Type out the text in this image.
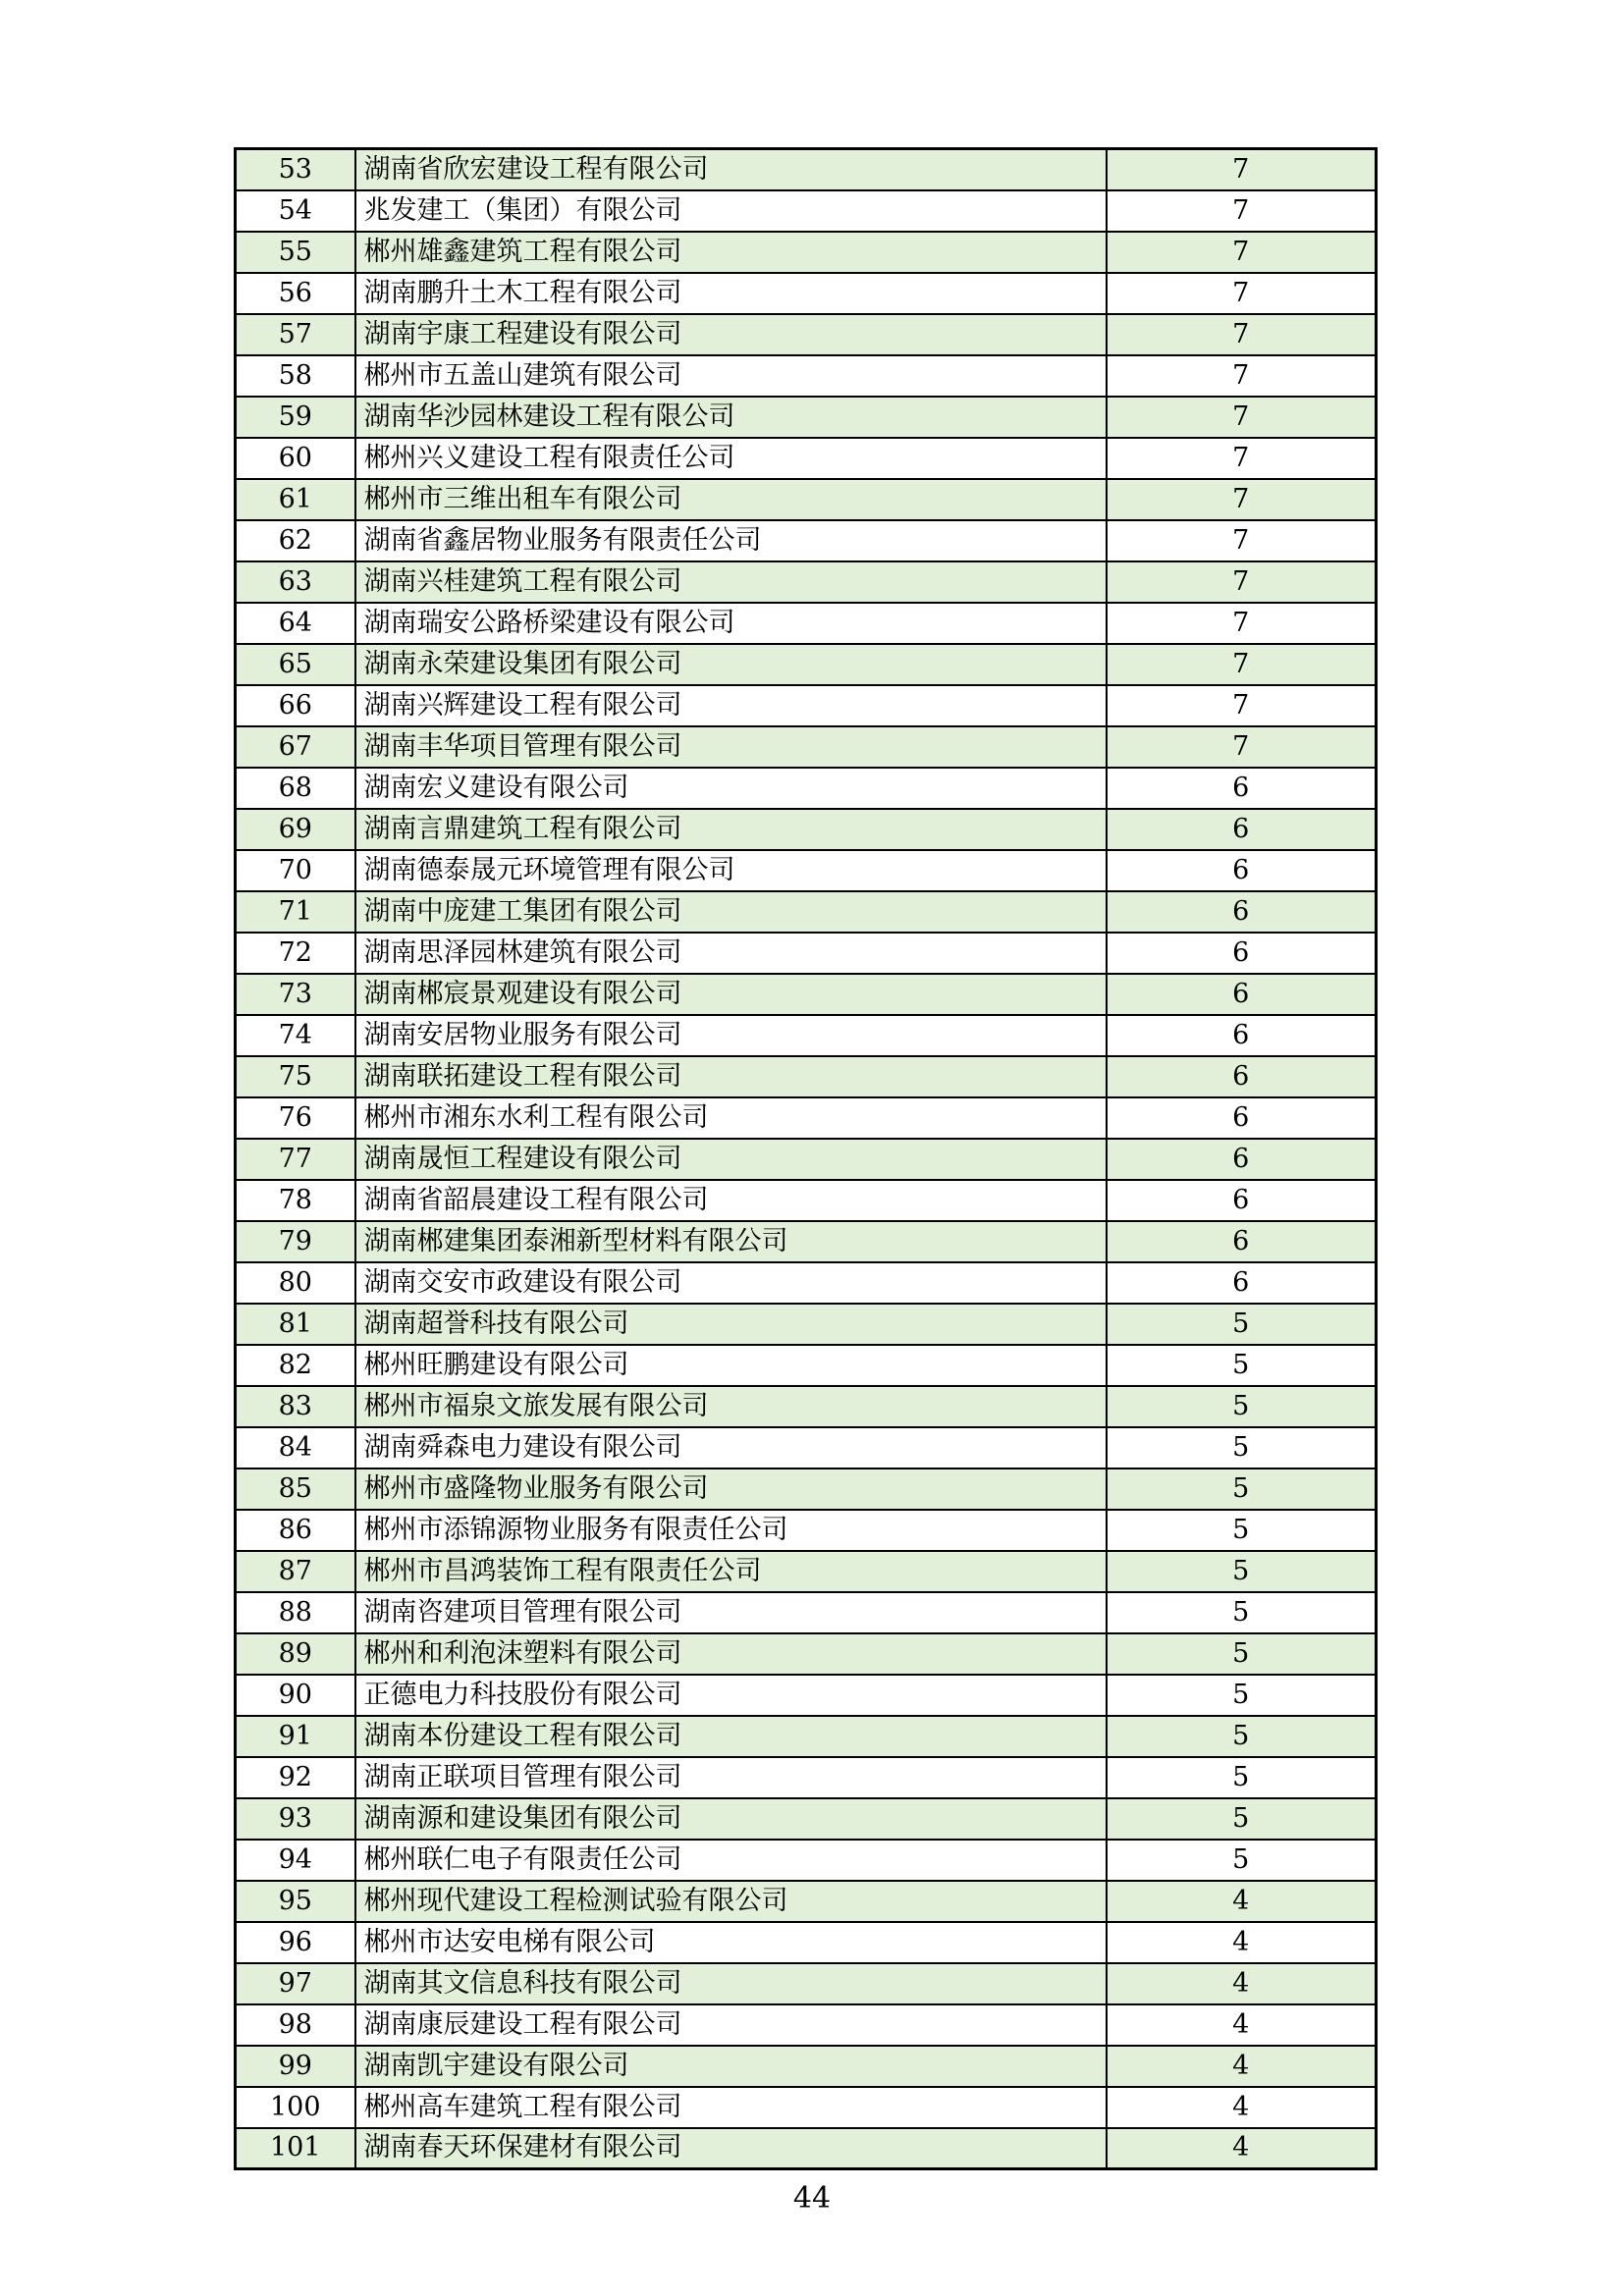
53	湖南省欣宏建设工程有限公司	7
54	兆发建工（集团）有限公司	7
55	郴州雄鑫建筑工程有限公司	7
56	湖南鹏升土木工程有限公司	7
57	湖南宇康工程建设有限公司	7
58	郴州市五盖山建筑有限公司	7
59	湖南华沙园林建设工程有限公司	7
60	郴州兴义建设工程有限责任公司	7
61	郴州市三维出租车有限公司	7
62	湖南省鑫居物业服务有限责任公司	7
63	湖南兴桂建筑工程有限公司	7
64	湖南瑞安公路桥梁建设有限公司	7
65	湖南永荣建设集团有限公司	7
66	湖南兴辉建设工程有限公司	7
67	湖南丰华项目管理有限公司	7
68	湖南宏义建设有限公司	6
69	湖南言鼎建筑工程有限公司	6
70	湖南德泰晟元环境管理有限公司	6
71	湖南中庞建工集团有限公司	6
72	湖南思泽园林建筑有限公司	6
73	湖南郴宸景观建设有限公司	6
74	湖南安居物业服务有限公司	6
75	湖南联拓建设工程有限公司	6
76	郴州市湘东水利工程有限公司	6
77	湖南晟恒工程建设有限公司	6
78	湖南省韶晨建设工程有限公司	6
79	湖南郴建集团泰湘新型材料有限公司	6
80	湖南交安市政建设有限公司	6
81	湖南超誉科技有限公司	5
82	郴州旺鹏建设有限公司	5
83	郴州市福泉文旅发展有限公司	5
84	湖南舜森电力建设有限公司	5
85	郴州市盛隆物业服务有限公司	5
86	郴州市添锦源物业服务有限责任公司	5
87	郴州市昌鸿装饰工程有限责任公司	5
88	湖南咨建项目管理有限公司	5
89	郴州和利泡沫塑料有限公司	5
90	正德电力科技股份有限公司	5
91	湖南本份建设工程有限公司	5
92	湖南正联项目管理有限公司	5
93	湖南源和建设集团有限公司	5
94	郴州联仁电子有限责任公司	5
95	郴州现代建设工程检测试验有限公司	4
96	郴州市达安电梯有限公司	4
97	湖南其文信息科技有限公司	4
98	湖南康辰建设工程有限公司	4
99	湖南凯宇建设有限公司	4
100	郴州高车建筑工程有限公司	4
101	湖南春天环保建材有限公司	4
44
